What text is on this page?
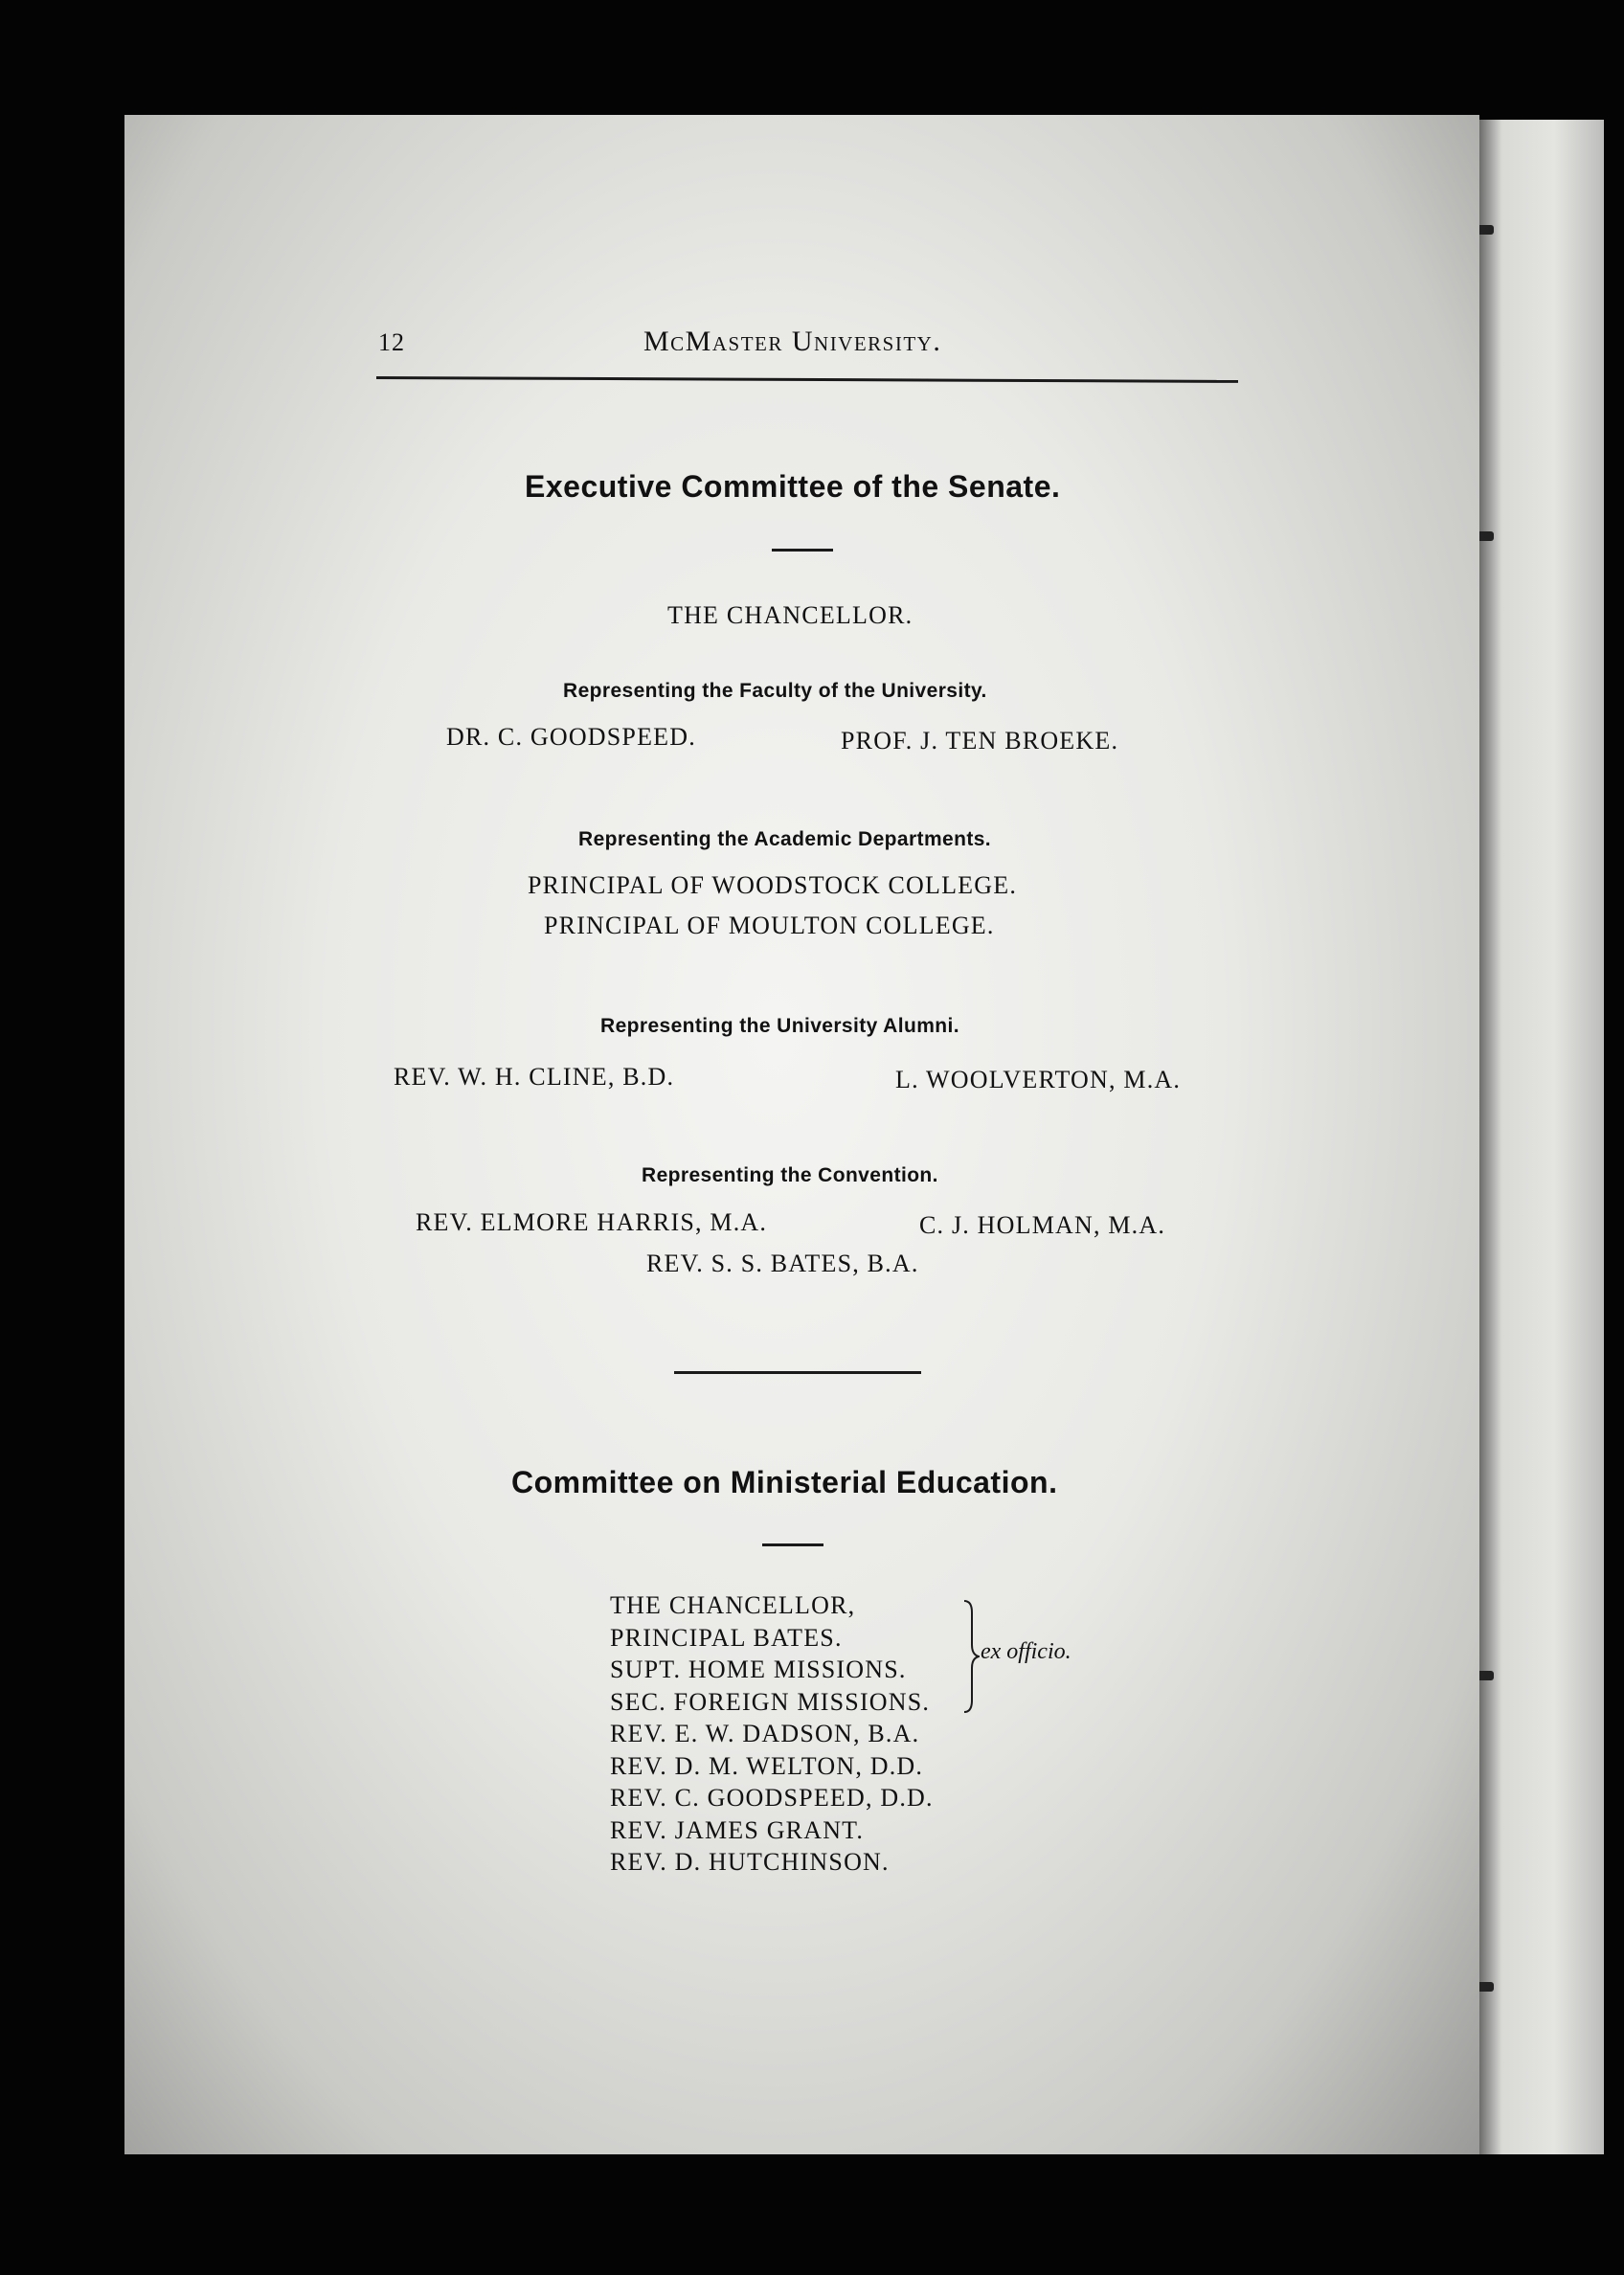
12	McMaster University.
Executive Committee of the Senate.
THE CHANCELLOR.
Representing the Faculty of the University.
DR. C. GOODSPEED.	PROF. J. TEN BROEKE.
Representing the Academic Departments.
PRINCIPAL OF WOODSTOCK COLLEGE.
PRINCIPAL OF MOULTON COLLEGE.
Representing the University Alumni.
REV. W. H. CLINE, B.D.	L. WOOLVERTON, M.A.
Representing the Convention.
REV. ELMORE HARRIS, M.A.	C. J. HOLMAN, M.A.
REV. S. S. BATES, B.A.
Committee on Ministerial Education.
THE CHANCELLOR,
PRINCIPAL BATES.
SUPT. HOME MISSIONS.
SEC. FOREIGN MISSIONS.
REV. E. W. DADSON, B.A.
REV. D. M. WELTON, D.D.
REV. C. GOODSPEED, D.D.
REV. JAMES GRANT.
REV. D. HUTCHINSON.
ex officio.
